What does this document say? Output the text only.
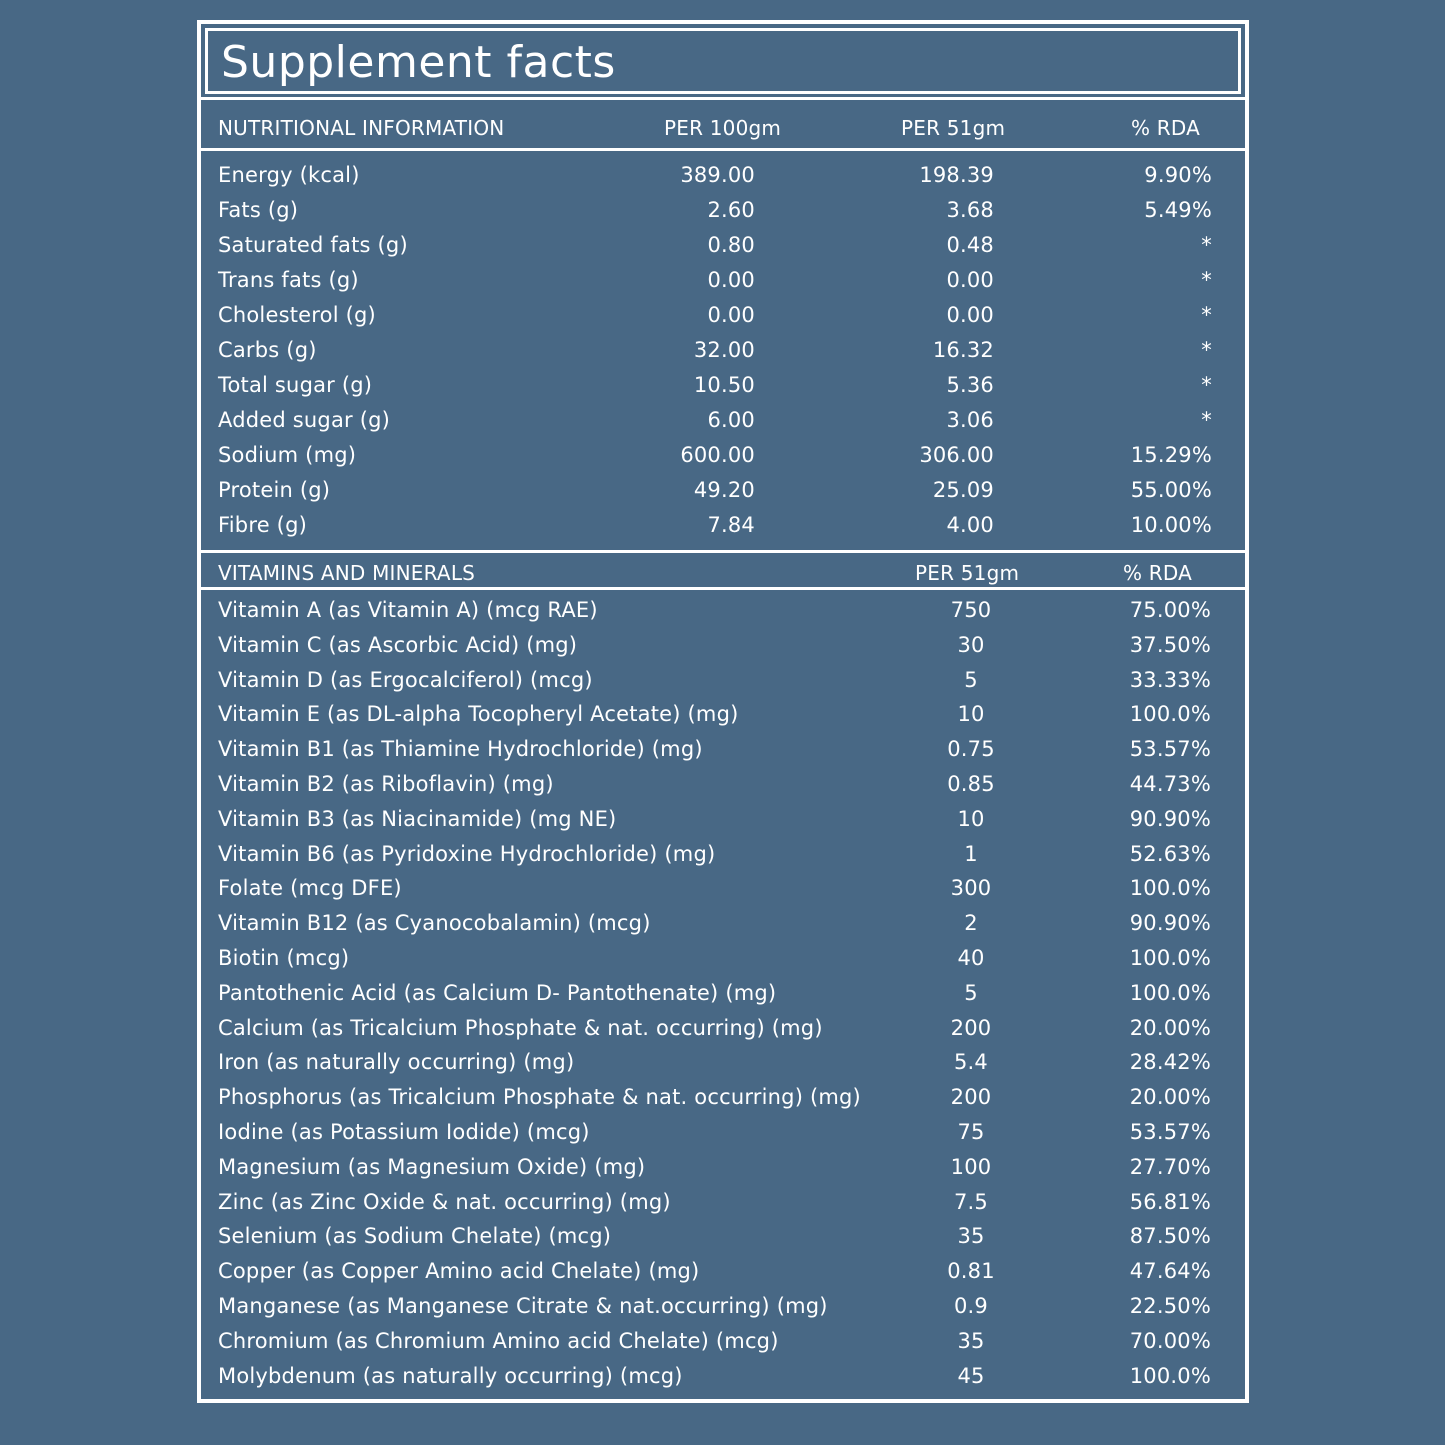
Supplement facts
NUTRITIONAL INFORMATION	PER 100gm	PER 51gm	% RDA
Energy (kcal)	389.00	198.39	9.90%
Fats (g)	2.60	3.68	5.49%
Saturated fats (g)	0.80	0.48	*
Trans fats (g)	0.00	0.00	*
Cholesterol (g)	0.00	0.00	*
Carbs (g)	32.00	16.32	*
Total sugar (g)	10.50	5.36	*
Added sugar (g)	6.00	3.06	*
Sodium (mg)	600.00	306.00	15.29%
Protein (g)	49.20	25.09	55.00%
Fibre (g)	7.84	4.00	10.00%
VITAMINS AND MINERALS	PER 51gm	% RDA
Vitamin A (as Vitamin A) (mcg RAE)	750	75.00%
Vitamin C (as Ascorbic Acid) (mg)	30	37.50%
Vitamin D (as Ergocalciferol) (mcg)	5	33.33%
Vitamin E (as DL-alpha Tocopheryl Acetate) (mg)	10	100.0%
Vitamin B1 (as Thiamine Hydrochloride) (mg)	0.75	53.57%
Vitamin B2 (as Riboflavin) (mg)	0.85	44.73%
Vitamin B3 (as Niacinamide) (mg NE)	10	90.90%
Vitamin B6 (as Pyridoxine Hydrochloride) (mg)	1	52.63%
Folate (mcg DFE)	300	100.0%
Vitamin B12 (as Cyanocobalamin) (mcg)	2	90.90%
Biotin (mcg)	40	100.0%
Pantothenic Acid (as Calcium D- Pantothenate) (mg)	5	100.0%
Calcium (as Tricalcium Phosphate & nat. occurring) (mg)	200	20.00%
Iron (as naturally occurring) (mg)	5.4	28.42%
Phosphorus (as Tricalcium Phosphate & nat. occurring) (mg)	200	20.00%
Iodine (as Potassium Iodide) (mcg)	75	53.57%
Magnesium (as Magnesium Oxide) (mg)	100	27.70%
Zinc (as Zinc Oxide & nat. occurring) (mg)	7.5	56.81%
Selenium (as Sodium Chelate) (mcg)	35	87.50%
Copper (as Copper Amino acid Chelate) (mg)	0.81	47.64%
Manganese (as Manganese Citrate & nat.occurring) (mg)	0.9	22.50%
Chromium (as Chromium Amino acid Chelate) (mcg)	35	70.00%
Molybdenum (as naturally occurring) (mcg)	45	100.0%
